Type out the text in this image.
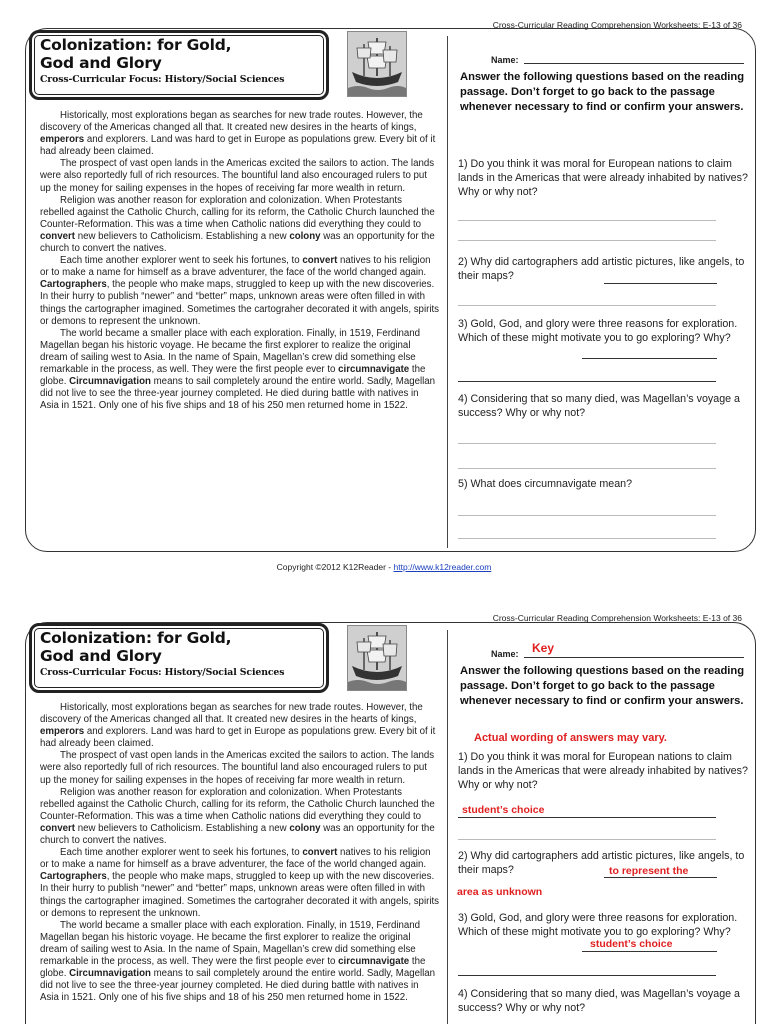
Cross-Curricular Reading Comprehension Worksheets: E-13 of 36
Colonization: for Gold,
God and Glory
Cross-Curricular Focus: History/Social Sciences

Historically, most explorations began as searches for new trade routes. However, the discovery of the Americas changed all that. It created new desires in the hearts of kings, emperors and explorers. Land was hard to get in Europe as populations grew. Every bit of it had already been claimed.

The prospect of vast open lands in the Americas excited the sailors to action. The lands were also reportedly full of rich resources. The bountiful land also encouraged rulers to put up the money for sailing expenses in the hopes of receiving far more wealth in return.

Religion was another reason for exploration and colonization. When Protestants rebelled against the Catholic Church, calling for its reform, the Catholic Church launched the Counter-Reformation. This was a time when Catholic nations did everything they could to convert new believers to Catholicism. Establishing a new colony was an opportunity for the church to convert the natives.

Each time another explorer went to seek his fortunes, to convert natives to his religion or to make a name for himself as a brave adventurer, the face of the world changed again. Cartographers, the people who make maps, struggled to keep up with the new discoveries. In their hurry to publish “newer” and “better” maps, unknown areas were often filled in with things the cartographer imagined. Sometimes the cartograher decorated it with angels, spirits or demons to represent the unknown.

The world became a smaller place with each exploration. Finally, in 1519, Ferdinand Magellan began his historic voyage. He became the first explorer to realize the original dream of sailing west to Asia. In the name of Spain, Magellan’s crew did something else remarkable in the process, as well. They were the first people ever to circumnavigate the globe. Circumnavigation means to sail completely around the entire world. Sadly, Magellan did not live to see the three-year journey completed. He died during battle with natives in Asia in 1521. Only one of his five ships and 18 of his 250 men returned home in 1522.

Name:
Answer the following questions based on the reading passage. Don’t forget to go back to the passage whenever necessary to find or confirm your answers.
1) Do you think it was moral for European nations to claim lands in the Americas that were already inhabited by natives? Why or why not?
2) Why did cartographers add artistic pictures, like angels, to their maps?
3) Gold, God, and glory were three reasons for exploration. Which of these might motivate you to go exploring? Why?
4) Considering that so many died, was Magellan’s voyage a success? Why or why not?
5) What does circumnavigate mean?
Copyright ©2012 K12Reader - http://www.k12reader.com
Cross-Curricular Reading Comprehension Worksheets: E-13 of 36
Colonization: for Gold,
God and Glory
Cross-Curricular Focus: History/Social Sciences

Historically, most explorations began as searches for new trade routes. However, the discovery of the Americas changed all that. It created new desires in the hearts of kings, emperors and explorers. Land was hard to get in Europe as populations grew. Every bit of it had already been claimed.

The prospect of vast open lands in the Americas excited the sailors to action. The lands were also reportedly full of rich resources. The bountiful land also encouraged rulers to put up the money for sailing expenses in the hopes of receiving far more wealth in return.

Religion was another reason for exploration and colonization. When Protestants rebelled against the Catholic Church, calling for its reform, the Catholic Church launched the Counter-Reformation. This was a time when Catholic nations did everything they could to convert new believers to Catholicism. Establishing a new colony was an opportunity for the church to convert the natives.

Each time another explorer went to seek his fortunes, to convert natives to his religion or to make a name for himself as a brave adventurer, the face of the world changed again. Cartographers, the people who make maps, struggled to keep up with the new discoveries. In their hurry to publish “newer” and “better” maps, unknown areas were often filled in with things the cartographer imagined. Sometimes the cartograher decorated it with angels, spirits or demons to represent the unknown.

The world became a smaller place with each exploration. Finally, in 1519, Ferdinand Magellan began his historic voyage. He became the first explorer to realize the original dream of sailing west to Asia. In the name of Spain, Magellan’s crew did something else remarkable in the process, as well. They were the first people ever to circumnavigate the globe. Circumnavigation means to sail completely around the entire world. Sadly, Magellan did not live to see the three-year journey completed. He died during battle with natives in Asia in 1521. Only one of his five ships and 18 of his 250 men returned home in 1522.

Name: Key
Answer the following questions based on the reading passage. Don’t forget to go back to the passage whenever necessary to find or confirm your answers.
Actual wording of answers may vary.
1) Do you think it was moral for European nations to claim lands in the Americas that were already inhabited by natives? Why or why not?
student’s choice
2) Why did cartographers add artistic pictures, like angels, to their maps?	to represent the
area as unknown
3) Gold, God, and glory were three reasons for exploration. Which of these might motivate you to go exploring? Why?
student’s choice
4) Considering that so many died, was Magellan’s voyage a success? Why or why not?
